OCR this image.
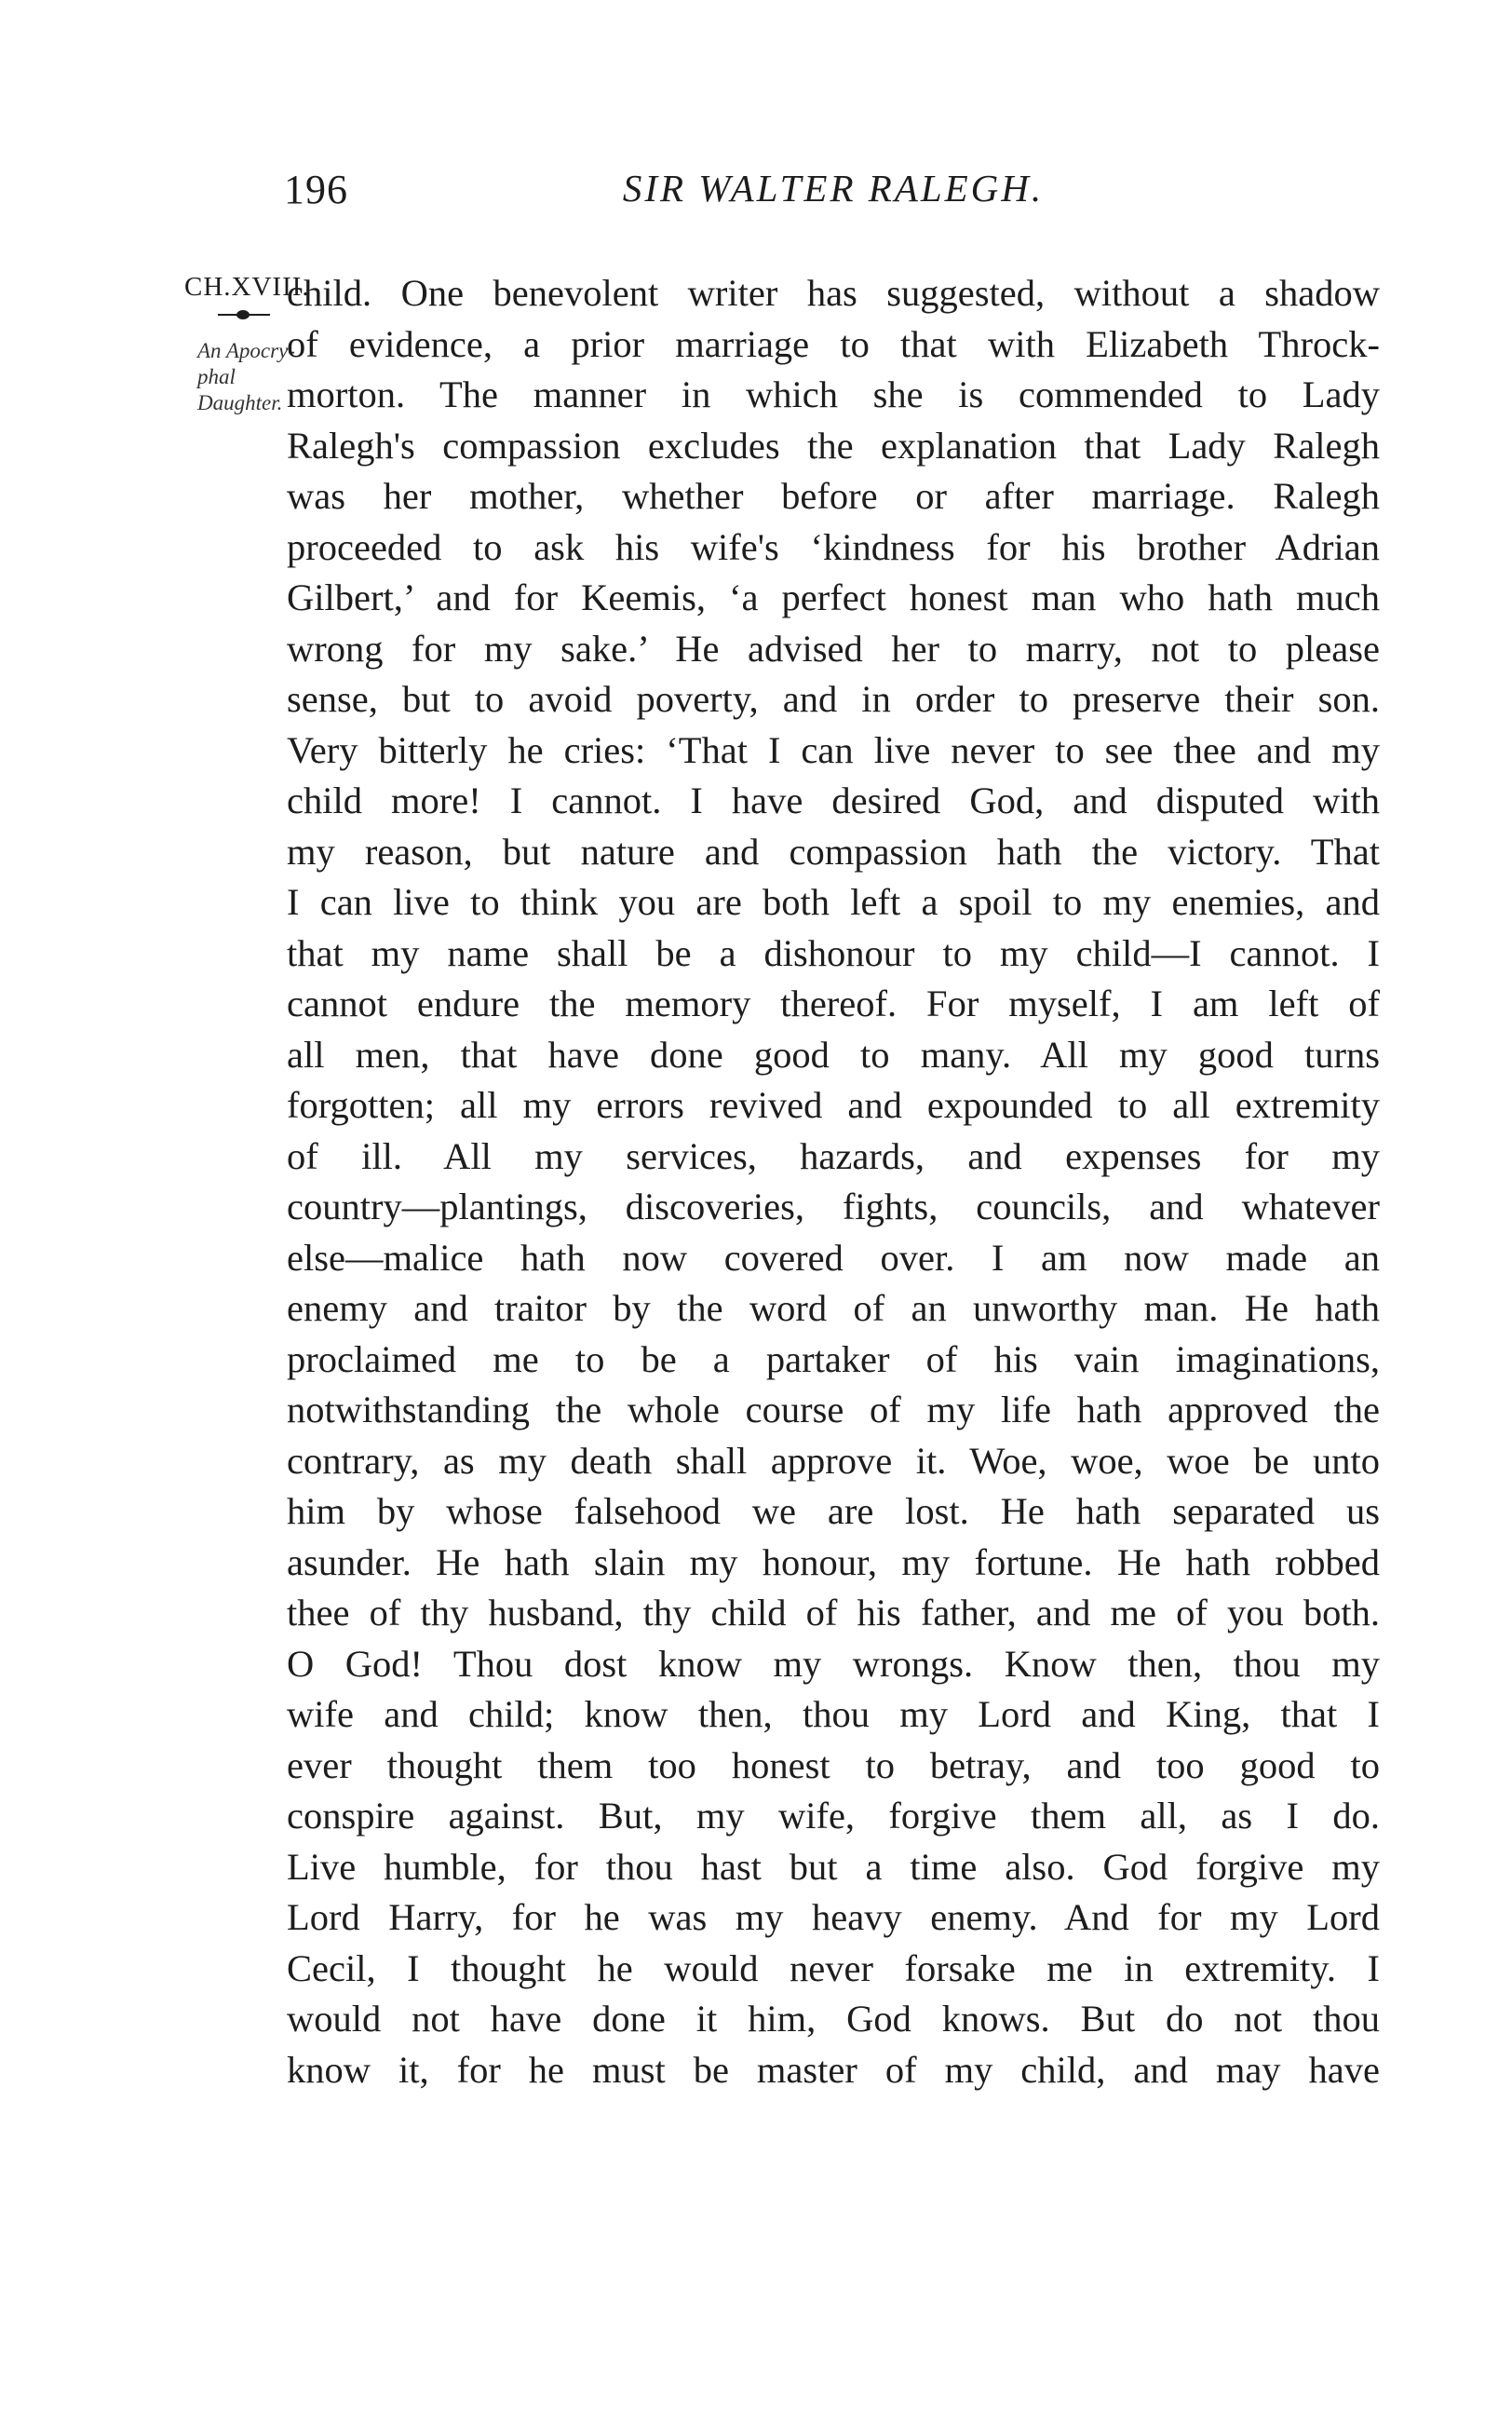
196	SIR WALTER RALEGH.
CH.XVIII.
An Apocry-
phal
Daughter.
child. One benevolent writer has suggested, without a shadow
of evidence, a prior marriage to that with Elizabeth Throck-
morton. The manner in which she is commended to Lady
Ralegh's compassion excludes the explanation that Lady Ralegh
was her mother, whether before or after marriage. Ralegh
proceeded to ask his wife's ‘kindness for his brother Adrian
Gilbert,’ and for Keemis, ‘a perfect honest man who hath much
wrong for my sake.’ He advised her to marry, not to please
sense, but to avoid poverty, and in order to preserve their son.
Very bitterly he cries: ‘That I can live never to see thee and my
child more! I cannot. I have desired God, and disputed with
my reason, but nature and compassion hath the victory. That
I can live to think you are both left a spoil to my enemies, and
that my name shall be a dishonour to my child—I cannot. I
cannot endure the memory thereof. For myself, I am left of
all men, that have done good to many. All my good turns
forgotten; all my errors revived and expounded to all extremity
of ill. All my services, hazards, and expenses for my
country—plantings, discoveries, fights, councils, and whatever
else—malice hath now covered over. I am now made an
enemy and traitor by the word of an unworthy man. He hath
proclaimed me to be a partaker of his vain imaginations,
notwithstanding the whole course of my life hath approved the
contrary, as my death shall approve it. Woe, woe, woe be unto
him by whose falsehood we are lost. He hath separated us
asunder. He hath slain my honour, my fortune. He hath robbed
thee of thy husband, thy child of his father, and me of you both.
O God! Thou dost know my wrongs. Know then, thou my
wife and child; know then, thou my Lord and King, that I
ever thought them too honest to betray, and too good to
conspire against. But, my wife, forgive them all, as I do.
Live humble, for thou hast but a time also. God forgive my
Lord Harry, for he was my heavy enemy. And for my Lord
Cecil, I thought he would never forsake me in extremity. I
would not have done it him, God knows. But do not thou
know it, for he must be master of my child, and may have
